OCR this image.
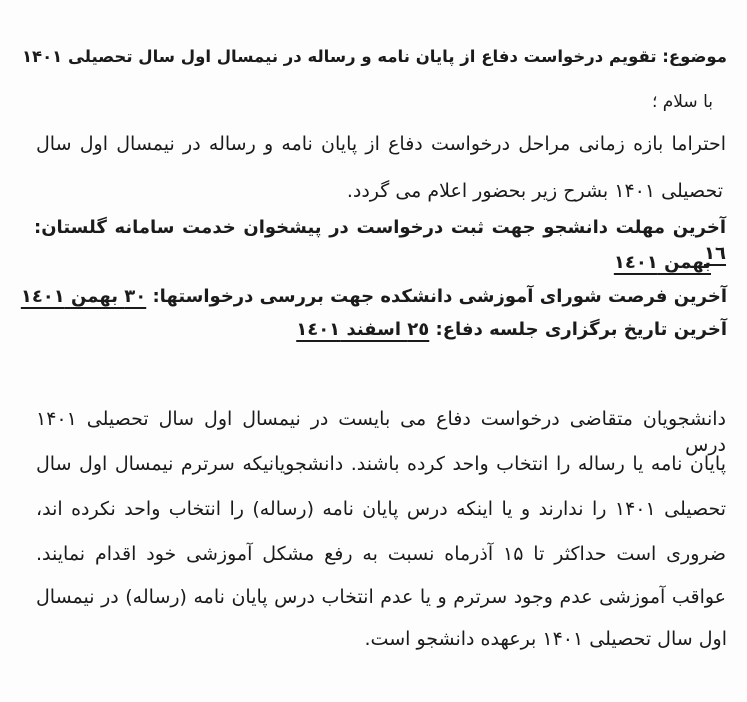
موضوع: تقویم درخواست دفاع از پایان نامه و رساله در نیمسال اول سال تحصیلی ۱۴۰۱
با سلام ؛
احتراما بازه زمانی مراحل درخواست دفاع از پایان نامه و رساله در نیمسال اول سال
تحصیلی ۱۴۰۱ بشرح زیر بحضور اعلام می گردد.
آخرین مهلت دانشجو جهت ثبت درخواست در پیشخوان خدمت سامانه گلستان: ١٦
بهمن ١٤٠١
آخرین فرصت شورای آموزشی دانشکده جهت بررسی درخواستها: ٣٠ بهمن ١٤٠١
آخرین تاریخ برگزاری جلسه دفاع: ٢٥ اسفند ١٤٠١
دانشجویان متقاضی درخواست دفاع می بایست در نیمسال اول سال تحصیلی ۱۴۰۱ درس
پایان نامه یا رساله را انتخاب واحد کرده باشند. دانشجویانیکه سرترم نیمسال اول سال
تحصیلی ۱۴۰۱ را ندارند و یا اینکه درس پایان نامه (رساله) را انتخاب واحد نکرده اند،
ضروری است حداکثر تا ۱۵ آذرماه نسبت به رفع مشکل آموزشی خود اقدام نمایند.
عواقب آموزشی عدم وجود سرترم و یا عدم انتخاب درس پایان نامه (رساله) در نیمسال
اول سال تحصیلی ۱۴۰۱ برعهده دانشجو است.
